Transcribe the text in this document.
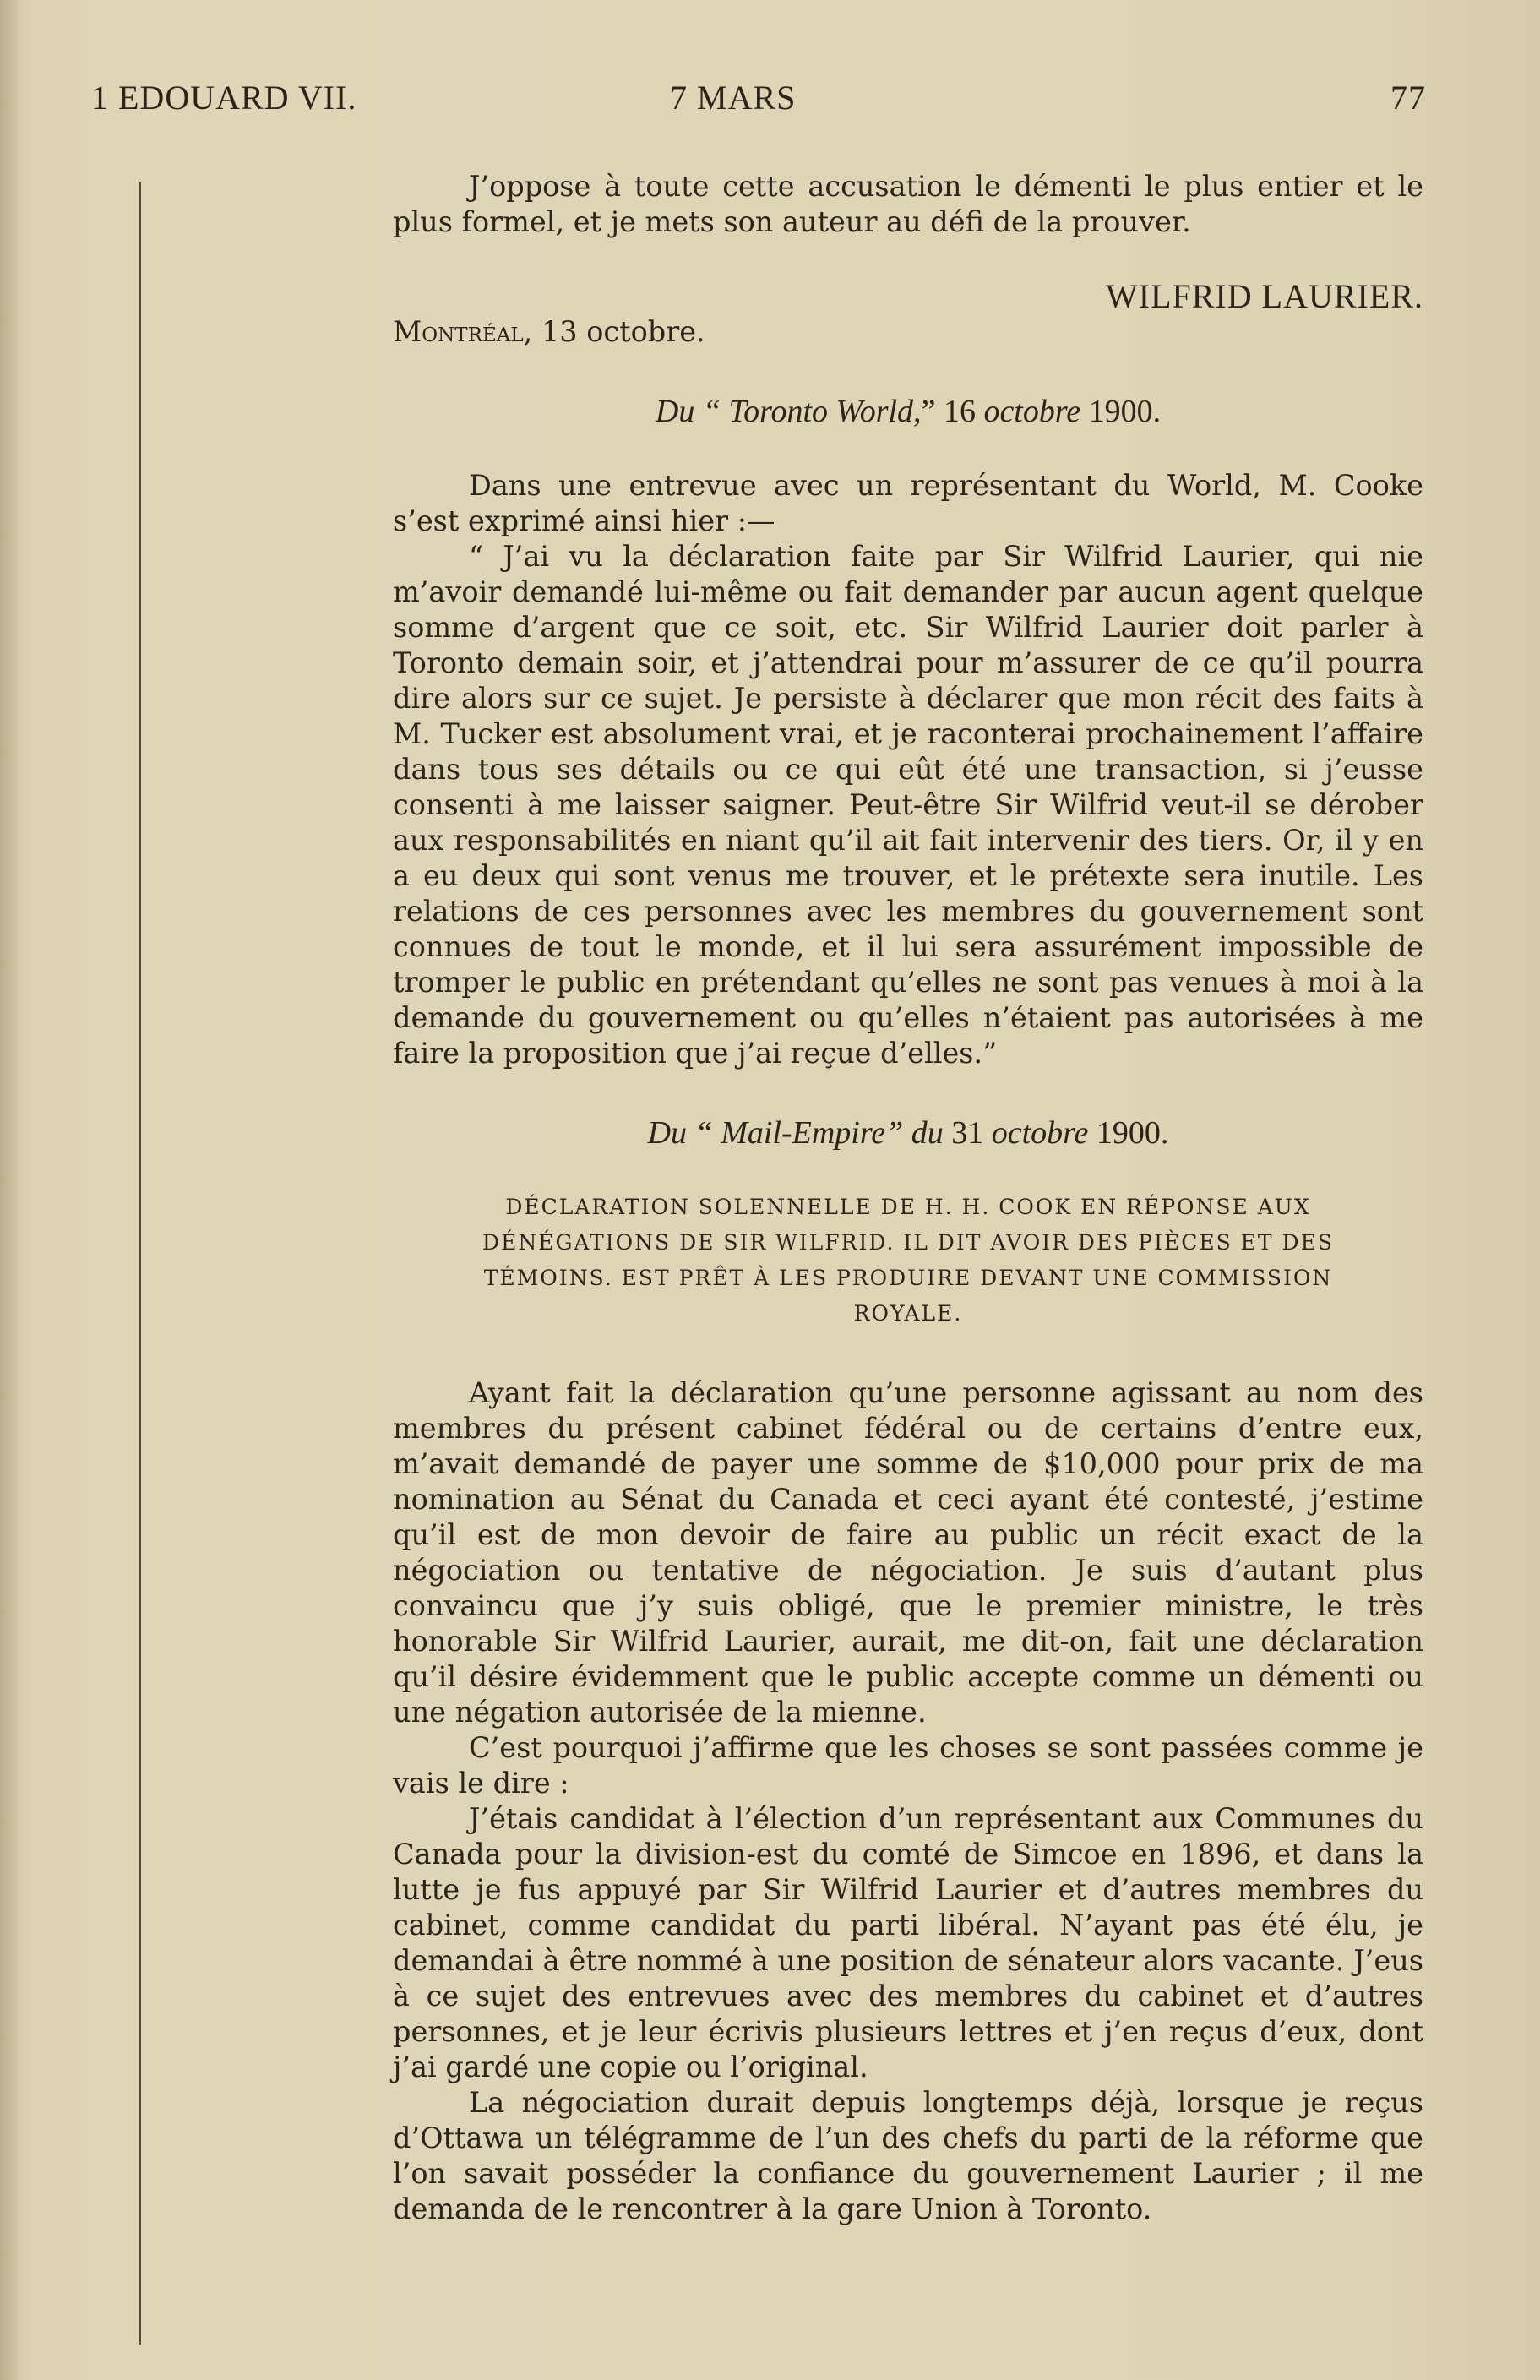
1 EDOUARD VII.	7 MARS	77

J’oppose à toute cette accusation le démenti le plus entier et le plus formel, et je mets son auteur au défi de la prouver.

WILFRID LAURIER.

Montréal, 13 octobre.

Du “ Toronto World,” 16 octobre 1900.

Dans une entrevue avec un représentant du World, M. Cooke s’est exprimé ainsi hier :—

“ J’ai vu la déclaration faite par Sir Wilfrid Laurier, qui nie m’avoir demandé lui-même ou fait demander par aucun agent quelque somme d’argent que ce soit, etc. Sir Wilfrid Laurier doit parler à Toronto demain soir, et j’attendrai pour m’assurer de ce qu’il pourra dire alors sur ce sujet. Je persiste à déclarer que mon récit des faits à M. Tucker est absolument vrai, et je raconterai prochainement l’affaire dans tous ses détails ou ce qui eût été une transaction, si j’eusse consenti à me laisser saigner. Peut-être Sir Wilfrid veut-il se dérober aux responsabilités en niant qu’il ait fait intervenir des tiers. Or, il y en a eu deux qui sont venus me trouver, et le prétexte sera inutile. Les relations de ces personnes avec les membres du gouvernement sont connues de tout le monde, et il lui sera assurément impossible de tromper le public en prétendant qu’elles ne sont pas venues à moi à la demande du gouvernement ou qu’elles n’étaient pas autorisées à me faire la proposition que j’ai reçue d’elles.”

Du “ Mail-Empire” du 31 octobre 1900.

DÉCLARATION SOLENNELLE DE H. H. COOK EN RÉPONSE AUX DÉNÉGATIONS DE SIR WILFRID. IL DIT AVOIR DES PIÈCES ET DES TÉMOINS. EST PRÊT À LES PRODUIRE DEVANT UNE COMMISSION ROYALE.

Ayant fait la déclaration qu’une personne agissant au nom des membres du présent cabinet fédéral ou de certains d’entre eux, m’avait demandé de payer une somme de $10,000 pour prix de ma nomination au Sénat du Canada et ceci ayant été contesté, j’estime qu’il est de mon devoir de faire au public un récit exact de la négociation ou tentative de négociation. Je suis d’autant plus convaincu que j’y suis obligé, que le premier ministre, le très honorable Sir Wilfrid Laurier, aurait, me dit-on, fait une déclaration qu’il désire évidemment que le public accepte comme un démenti ou une négation autorisée de la mienne.

C’est pourquoi j’affirme que les choses se sont passées comme je vais le dire :

J’étais candidat à l’élection d’un représentant aux Communes du Canada pour la division-est du comté de Simcoe en 1896, et dans la lutte je fus appuyé par Sir Wilfrid Laurier et d’autres membres du cabinet, comme candidat du parti libéral. N’ayant pas été élu, je demandai à être nommé à une position de sénateur alors vacante. J’eus à ce sujet des entrevues avec des membres du cabinet et d’autres personnes, et je leur écrivis plusieurs lettres et j’en reçus d’eux, dont j’ai gardé une copie ou l’original.

La négociation durait depuis longtemps déjà, lorsque je reçus d’Ottawa un télégramme de l’un des chefs du parti de la réforme que l’on savait posséder la confiance du gouvernement Laurier ; il me demanda de le rencontrer à la gare Union à Toronto.
